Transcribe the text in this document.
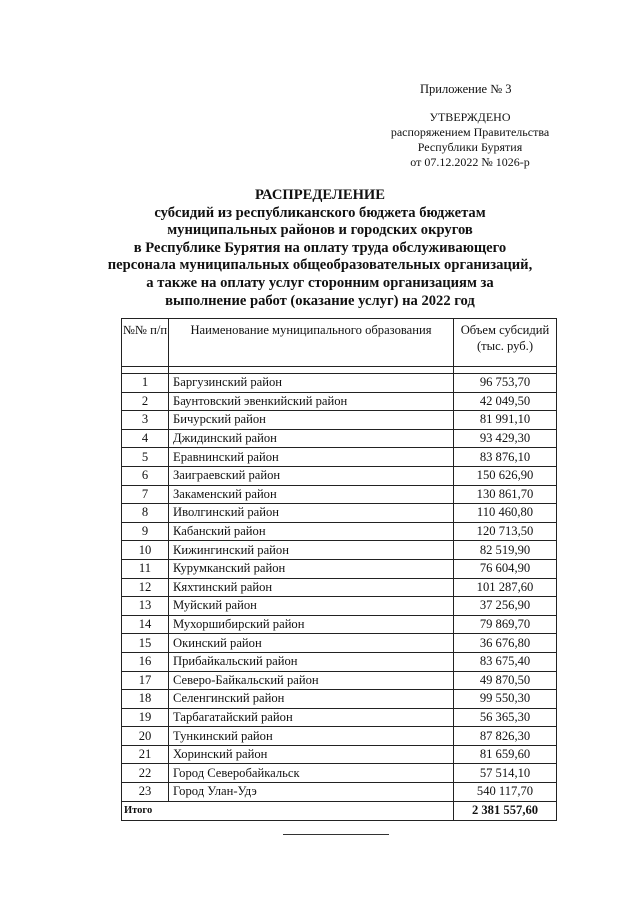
Приложение № 3
УТВЕРЖДЕНО
распоряжением Правительства
Республики Бурятия
от 07.12.2022 № 1026-р
РАСПРЕДЕЛЕНИЕ
субсидий из республиканского бюджета бюджетам
муниципальных районов и городских округов
в Республике Бурятия на оплату труда обслуживающего
персонала муниципальных общеобразовательных организаций,
а также на оплату услуг сторонним организациям за
выполнение работ (оказание услуг) на 2022 год
№№ п/п	Наименование муниципального образования	Объем субсидий (тыс. руб.)

1	Баргузинский район	96 753,70
2	Баунтовский эвенкийский район	42 049,50
3	Бичурский район	81 991,10
4	Джидинский район	93 429,30
5	Еравнинский район	83 876,10
6	Заиграевский район	150 626,90
7	Закаменский район	130 861,70
8	Иволгинский район	110 460,80
9	Кабанский район	120 713,50
10	Кижингинский район	82 519,90
11	Курумканский район	76 604,90
12	Кяхтинский район	101 287,60
13	Муйский район	37 256,90
14	Мухоршибирский район	79 869,70
15	Окинский район	36 676,80
16	Прибайкальский район	83 675,40
17	Северо-Байкальский район	49 870,50
18	Селенгинский район	99 550,30
19	Тарбагатайский район	56 365,30
20	Тункинский район	87 826,30
21	Хоринский район	81 659,60
22	Город Северобайкальск	57 514,10
23	Город Улан-Удэ	540 117,70
Итого		2 381 557,60
